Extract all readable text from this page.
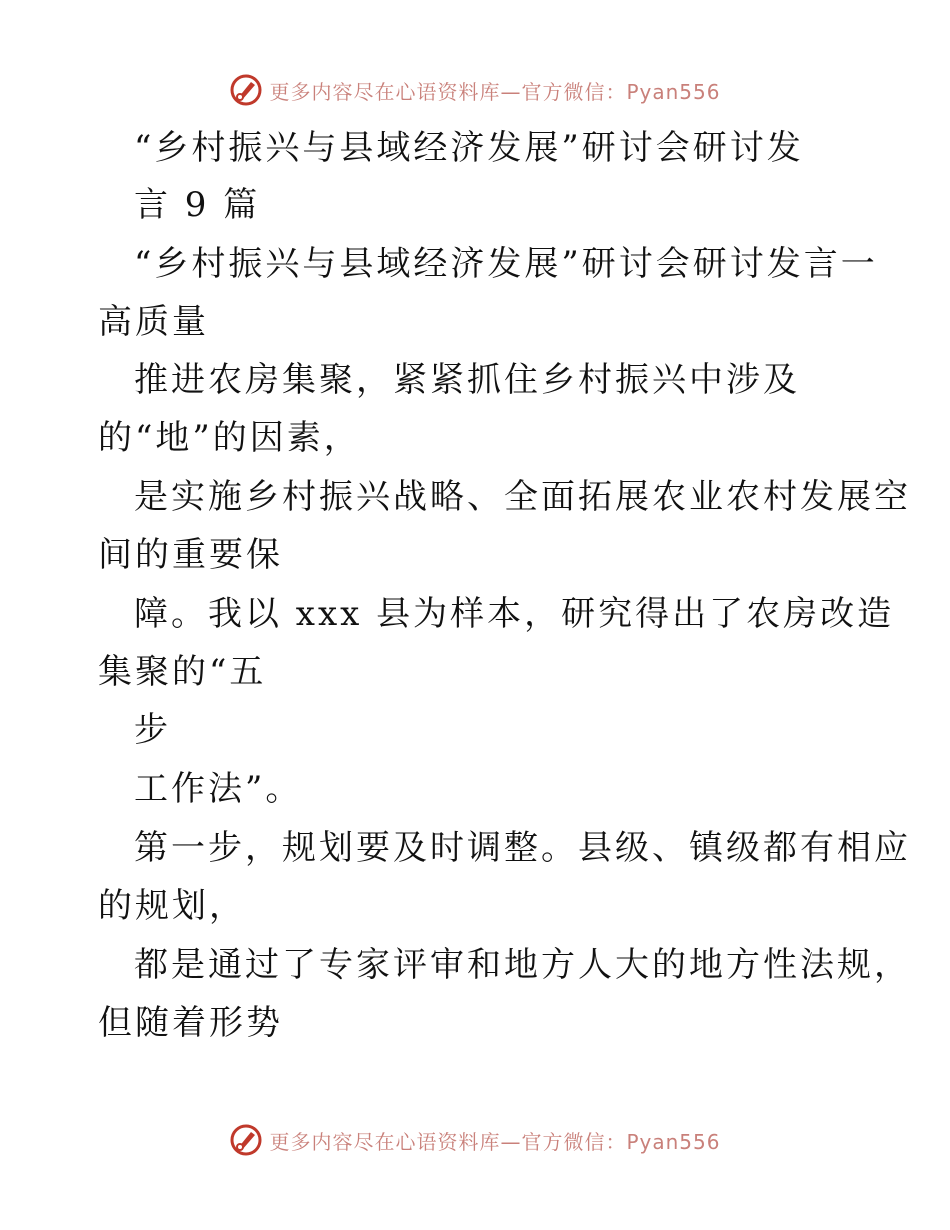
更多内容尽在心语资料库—官方微信：Pyan556
“乡村振兴与县域经济发展”研讨会研讨发
言 9 篇
“乡村振兴与县域经济发展”研讨会研讨发言一
高质量
推进农房集聚，紧紧抓住乡村振兴中涉及
的“地”的因素，
是实施乡村振兴战略、全面拓展农业农村发展空
间的重要保
障。我以 xxx 县为样本，研究得出了农房改造
集聚的“五
步
工作法”。
第一步，规划要及时调整。县级、镇级都有相应
的规划，
都是通过了专家评审和地方人大的地方性法规，
但随着形势
更多内容尽在心语资料库—官方微信：Pyan556
